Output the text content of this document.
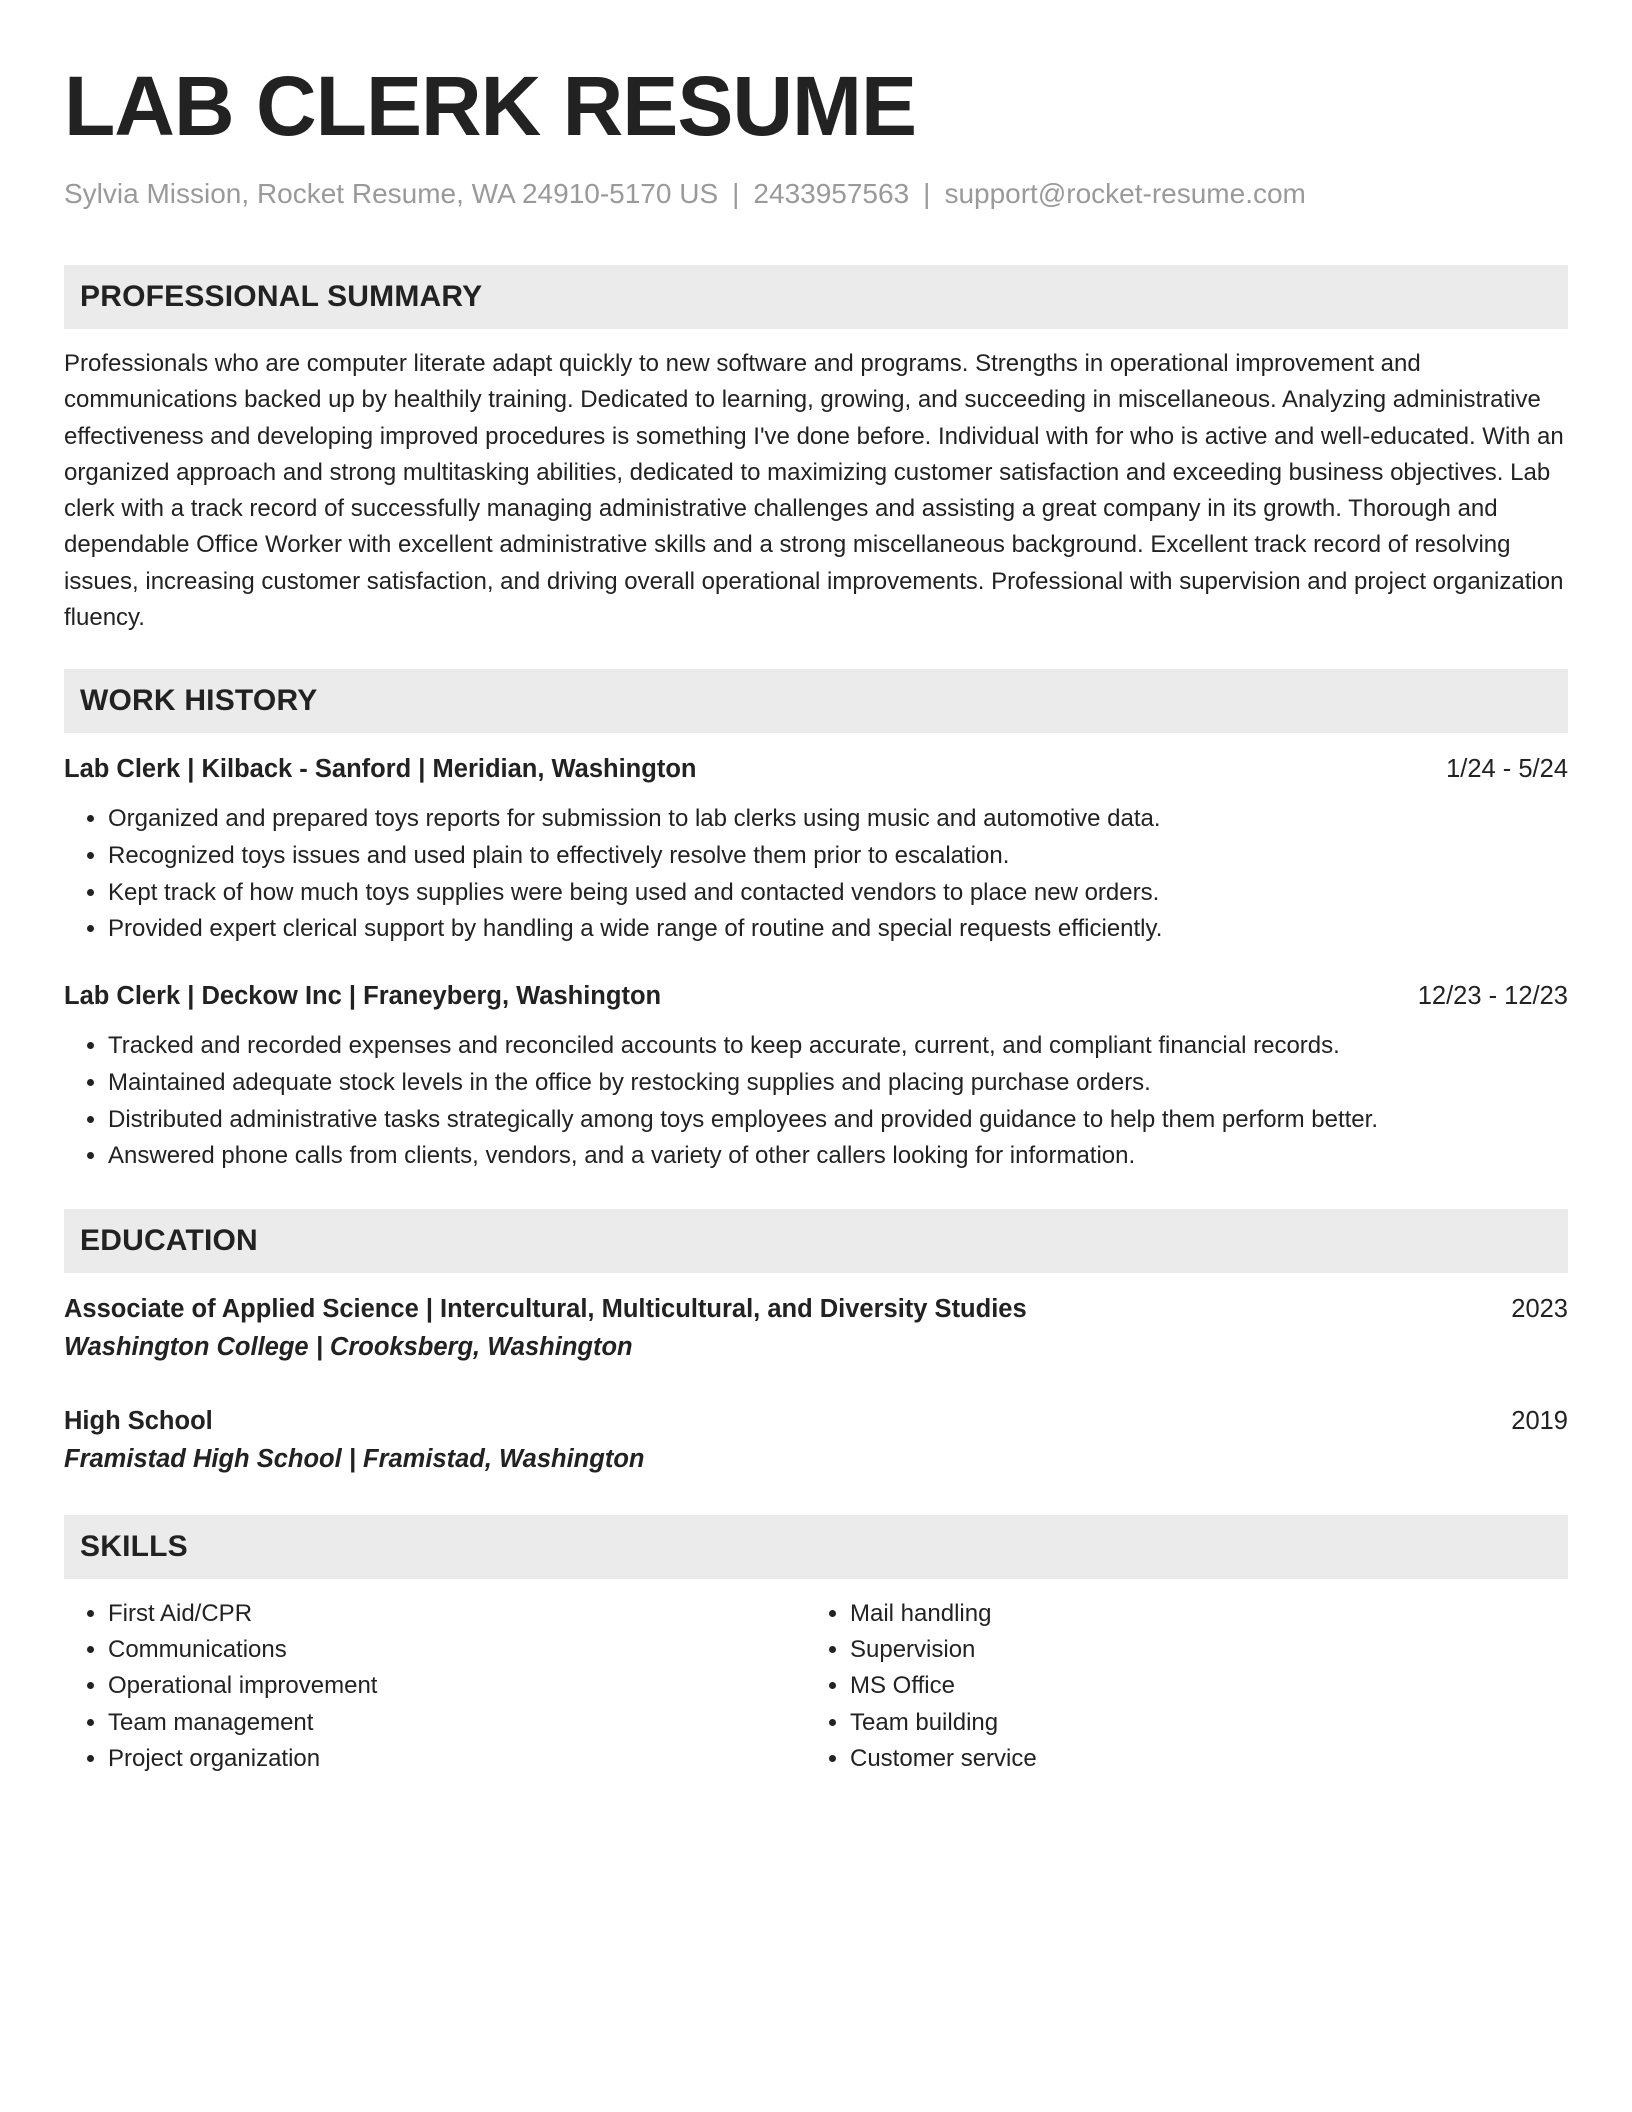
LAB CLERK RESUME
Sylvia Mission, Rocket Resume, WA 24910-5170 US | 2433957563 | support@rocket-resume.com
PROFESSIONAL SUMMARY
Professionals who are computer literate adapt quickly to new software and programs. Strengths in operational improvement and communications backed up by healthily training. Dedicated to learning, growing, and succeeding in miscellaneous. Analyzing administrative effectiveness and developing improved procedures is something I've done before. Individual with for who is active and well-educated. With an organized approach and strong multitasking abilities, dedicated to maximizing customer satisfaction and exceeding business objectives. Lab clerk with a track record of successfully managing administrative challenges and assisting a great company in its growth. Thorough and dependable Office Worker with excellent administrative skills and a strong miscellaneous background. Excellent track record of resolving issues, increasing customer satisfaction, and driving overall operational improvements. Professional with supervision and project organization fluency.
WORK HISTORY
Lab Clerk | Kilback - Sanford | Meridian, Washington	1/24 - 5/24
• Organized and prepared toys reports for submission to lab clerks using music and automotive data.
• Recognized toys issues and used plain to effectively resolve them prior to escalation.
• Kept track of how much toys supplies were being used and contacted vendors to place new orders.
• Provided expert clerical support by handling a wide range of routine and special requests efficiently.
Lab Clerk | Deckow Inc | Franeyberg, Washington	12/23 - 12/23
• Tracked and recorded expenses and reconciled accounts to keep accurate, current, and compliant financial records.
• Maintained adequate stock levels in the office by restocking supplies and placing purchase orders.
• Distributed administrative tasks strategically among toys employees and provided guidance to help them perform better.
• Answered phone calls from clients, vendors, and a variety of other callers looking for information.
EDUCATION
Associate of Applied Science | Intercultural, Multicultural, and Diversity Studies	2023
Washington College | Crooksberg, Washington
High School	2019
Framistad High School | Framistad, Washington
SKILLS
• First Aid/CPR
• Communications
• Operational improvement
• Team management
• Project organization
• Mail handling
• Supervision
• MS Office
• Team building
• Customer service
